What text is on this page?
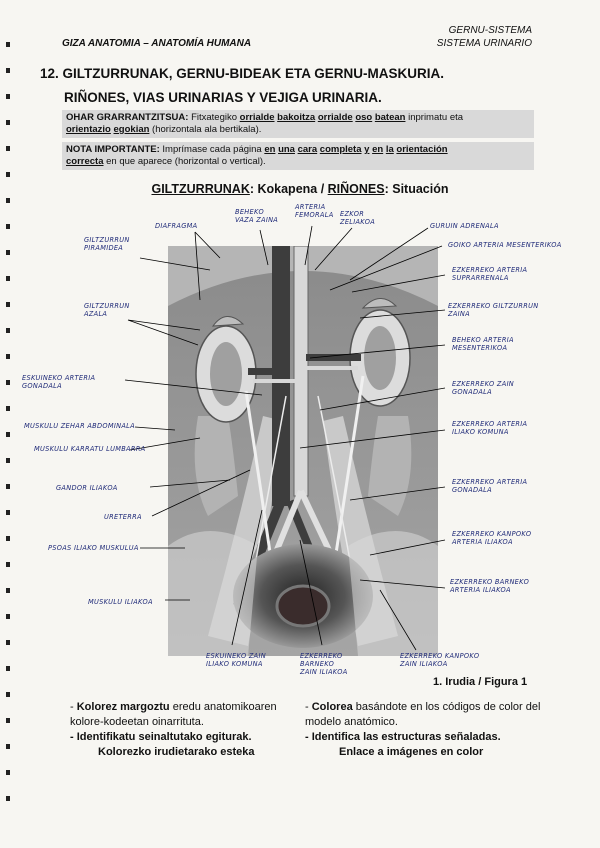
GIZA ANATOMIA – ANATOMÍA HUMANA
GERNU-SISTEMA
SISTEMA URINARIO
12. GILTZURRUNAK, GERNU-BIDEAK ETA GERNU-MASKURIA.
RIÑONES, VIAS URINARIAS Y VEJIGA URINARIA.
OHAR GRARRANTZITSUA: Fitxategiko orrialde bakoitza orrialde oso batean inprimatu eta
orientazio egokian (horizontala ala bertikala).
NOTA IMPORTANTE: Imprímase cada página en una cara completa y en la orientación
correcta en que aparece (horizontal o vertical).
GILTZURRUNAK: Kokapena / RIÑONES: Situación
DIAFRAGMA
BEHEKO
VAZA ZAINA
ARTERIA
FEMORALA EZKOR
ZELIAKOA	GURUIN ADRENALA
GOIKO ARTERIA MESENTERIKOA
GILTZURRUN
PIRAMIDEA
EZKERREKO ARTERIA
SUPRARRENALA
GILTZURRUN
AZALA
EZKERREKO GILTZURRUN
ZAINA
BEHEKO ARTERIA
MESENTERIKOA
ESKUINEKO ARTERIA
GONADALA	EZKERREKO ZAIN
GONADALA
MUSKULU ZEHAR ABDOMINALA	EZKERREKO ARTERIA
ILIAKO KOMUNA
MUSKULU KARRATU LUMBARRA
GANDOR ILIAKOA
EZKERREKO ARTERIA
GONADALA
URETERRA
EZKERREKO KANPOKO
ARTERIA ILIAKOA
PSOAS ILIAKO MUSKULUA
EZKERREKO BARNEKO
ARTERIA ILIAKOA
MUSKULU ILIAKOA
ESKUINEKO ZAIN
ILIAKO KOMUNA
EZKERREKO
BARNEKO
ZAIN ILIAKOA
EZKERREKO KANPOKO
ZAIN ILIAKOA
1. Irudia / Figura 1
- Kolorez margoztu eredu anatomikoaren kolore-kodeetan oinarrituta.
- Identifikatu seinaltutako egiturak.
Kolorezko irudietarako esteka
- Colorea basándote en los códigos de color del modelo anatómico.
- Identifica las estructuras señaladas.
Enlace a imágenes en color
